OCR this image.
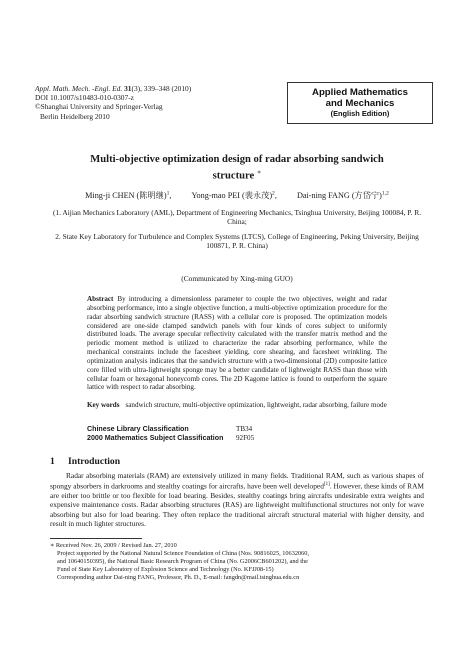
Appl. Math. Mech. -Engl. Ed. 31(3), 339–348 (2010)
DOI 10.1007/s10483-010-0307-z
©Shanghai University and Springer-Verlag
Berlin Heidelberg 2010
Applied Mathematics
and Mechanics
(English Edition)
Multi-objective optimization design of radar absorbing sandwich
structure ∗
Ming-ji CHEN (陈明继)$^1$, Yong-mao PEI (裴永茂)$^2$, Dai-ning FANG (方岱宁)$^{1,2}$
(1. Aijian Mechanics Laboratory (AML), Department of Engineering Mechanics, Tsinghua University, Beijing 100084, P. R. China;
2. State Key Laboratory for Turbulence and Complex Systems (LTCS), College of Engineering, Peking University, Beijing 100871, P. R. China)
(Communicated by Xing-ming GUO)
Abstract By introducing a dimensionless parameter to couple the two objectives, weight and radar absorbing performance, into a single objective function, a multi-objective optimization procedure for the radar absorbing sandwich structure (RASS) with a cellular core is proposed. The optimization models considered are one-side clamped sandwich panels with four kinds of cores subject to uniformly distributed loads. The average specular reflectivity calculated with the transfer matrix method and the periodic moment method is utilized to characterize the radar absorbing performance, while the mechanical constraints include the facesheet yielding, core shearing, and facesheet wrinkling. The optimization analysis indicates that the sandwich structure with a two-dimensional (2D) composite lattice core filled with ultra-lightweight sponge may be a better candidate of lightweight RASS than those with cellular foam or hexagonal honeycomb cores. The 2D Kagome lattice is found to outperform the square lattice with respect to radar absorbing.
Key words sandwich structure, multi-objective optimization, lightweight, radar absorbing, failure mode
Chinese Library Classification	TB34
2000 Mathematics Subject Classification 92F05
1 Introduction
Radar absorbing materials (RAM) are extensively utilized in many fields. Traditional RAM, such as various shapes of spongy absorbers in darkrooms and stealthy coatings for aircrafts, have been well developed[1]. However, these kinds of RAM are either too brittle or too flexible for load bearing. Besides, stealthy coatings bring aircrafts undesirable extra weights and expensive maintenance costs. Radar absorbing structures (RAS) are lightweight multifunctional structures not only for wave absorbing but also for load bearing. They often replace the traditional aircraft structural material with higher density, and result in much lighter structures.
∗ Received Nov. 26, 2009 / Revised Jan. 27, 2010
Project supported by the National Natural Science Foundation of China (Nos. 90816025, 10632060,
and 10640150395), the National Basic Research Program of China (No. G2006CB601202), and the
Fund of State Key Laboratory of Explosion Science and Technology (No. KFJJ08-15)
Corresponding author Dai-ning FANG, Professor, Ph. D., E-mail: fangdn@mail.tsinghua.edu.cn
